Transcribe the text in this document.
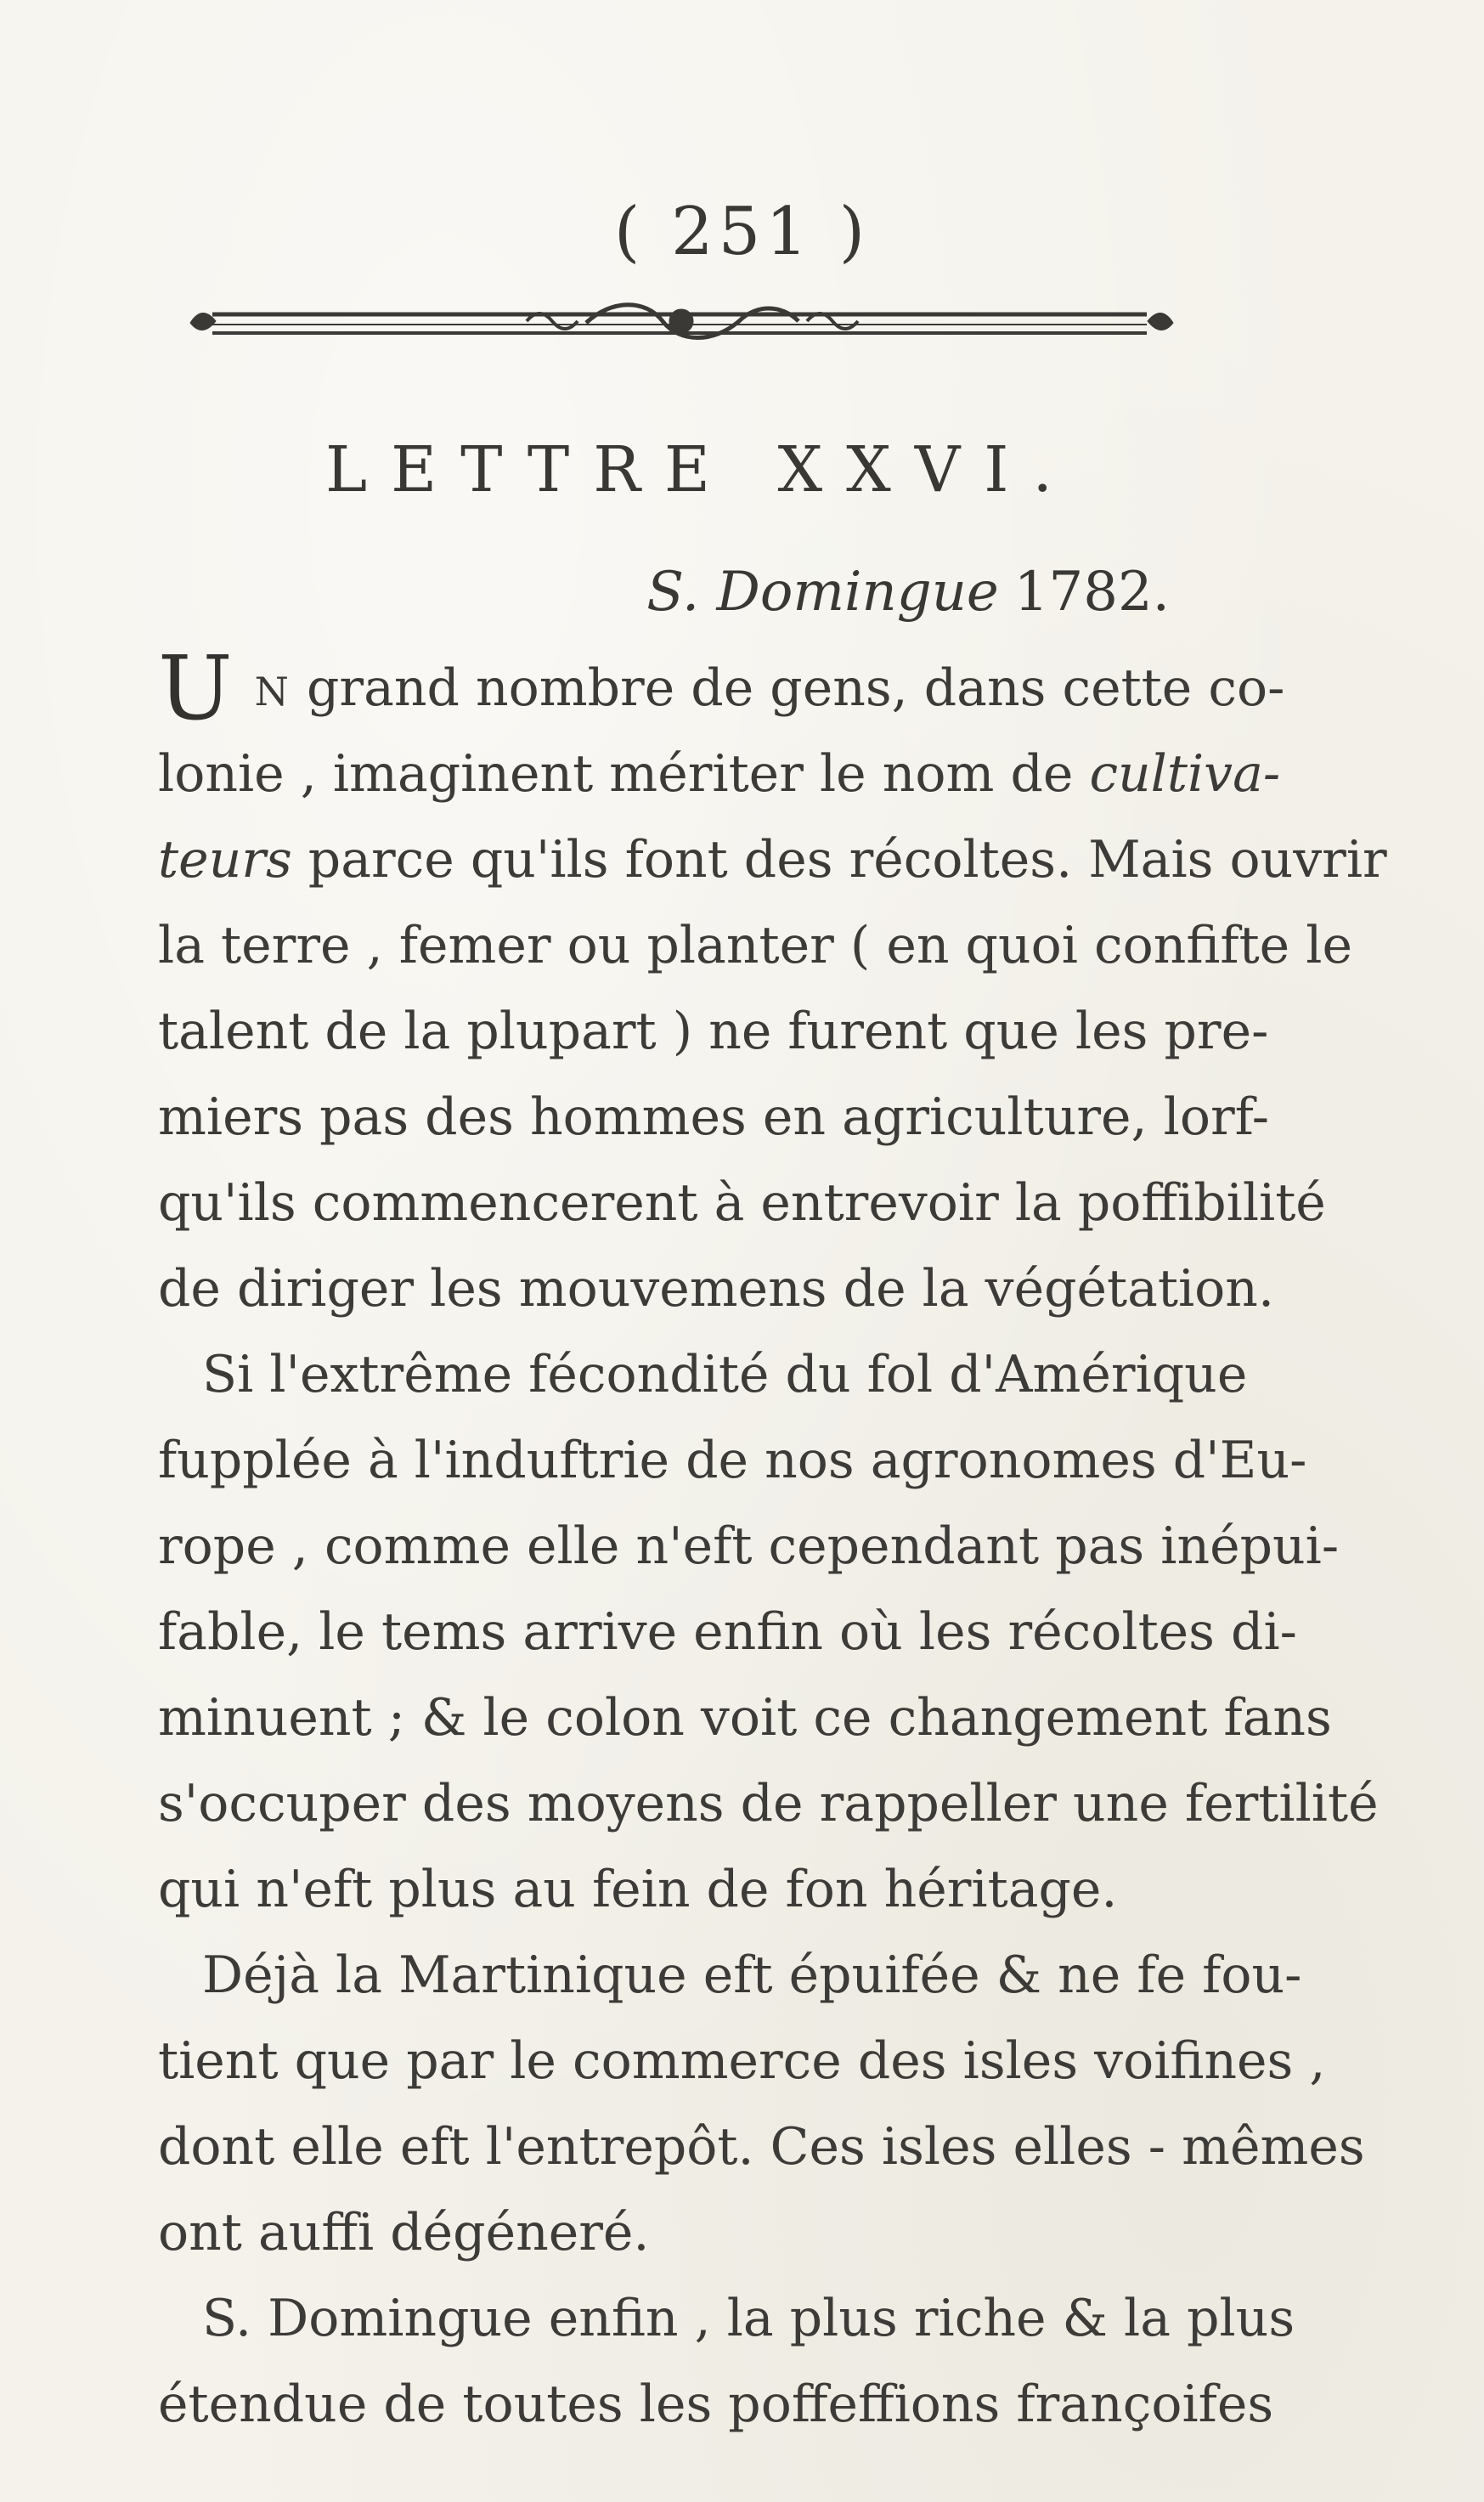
( 251 )
LETTRE XXVI.
S. Domingue 1782.
U N grand nombre de gens, dans cette co-
lonie , imaginent mériter le nom de cultiva-
teurs parce qu'ils font des récoltes. Mais ouvrir
la terre , femer ou planter ( en quoi confifte le
talent de la plupart ) ne furent que les pre-
miers pas des hommes en agriculture, lorf-
qu'ils commencerent à entrevoir la poffibilité
de diriger les mouvemens de la végétation.
Si l'extrême fécondité du fol d'Amérique
fupplée à l'induftrie de nos agronomes d'Eu-
rope , comme elle n'eft cependant pas inépui-
fable, le tems arrive enfin où les récoltes di-
minuent ; & le colon voit ce changement fans
s'occuper des moyens de rappeller une fertilité
qui n'eft plus au fein de fon héritage.
Déjà la Martinique eft épuifée & ne fe fou-
tient que par le commerce des isles voifines ,
dont elle eft l'entrepôt. Ces isles elles - mêmes
ont auffi dégéneré.
S. Domingue enfin , la plus riche & la plus
étendue de toutes les poffeffions françoifes
